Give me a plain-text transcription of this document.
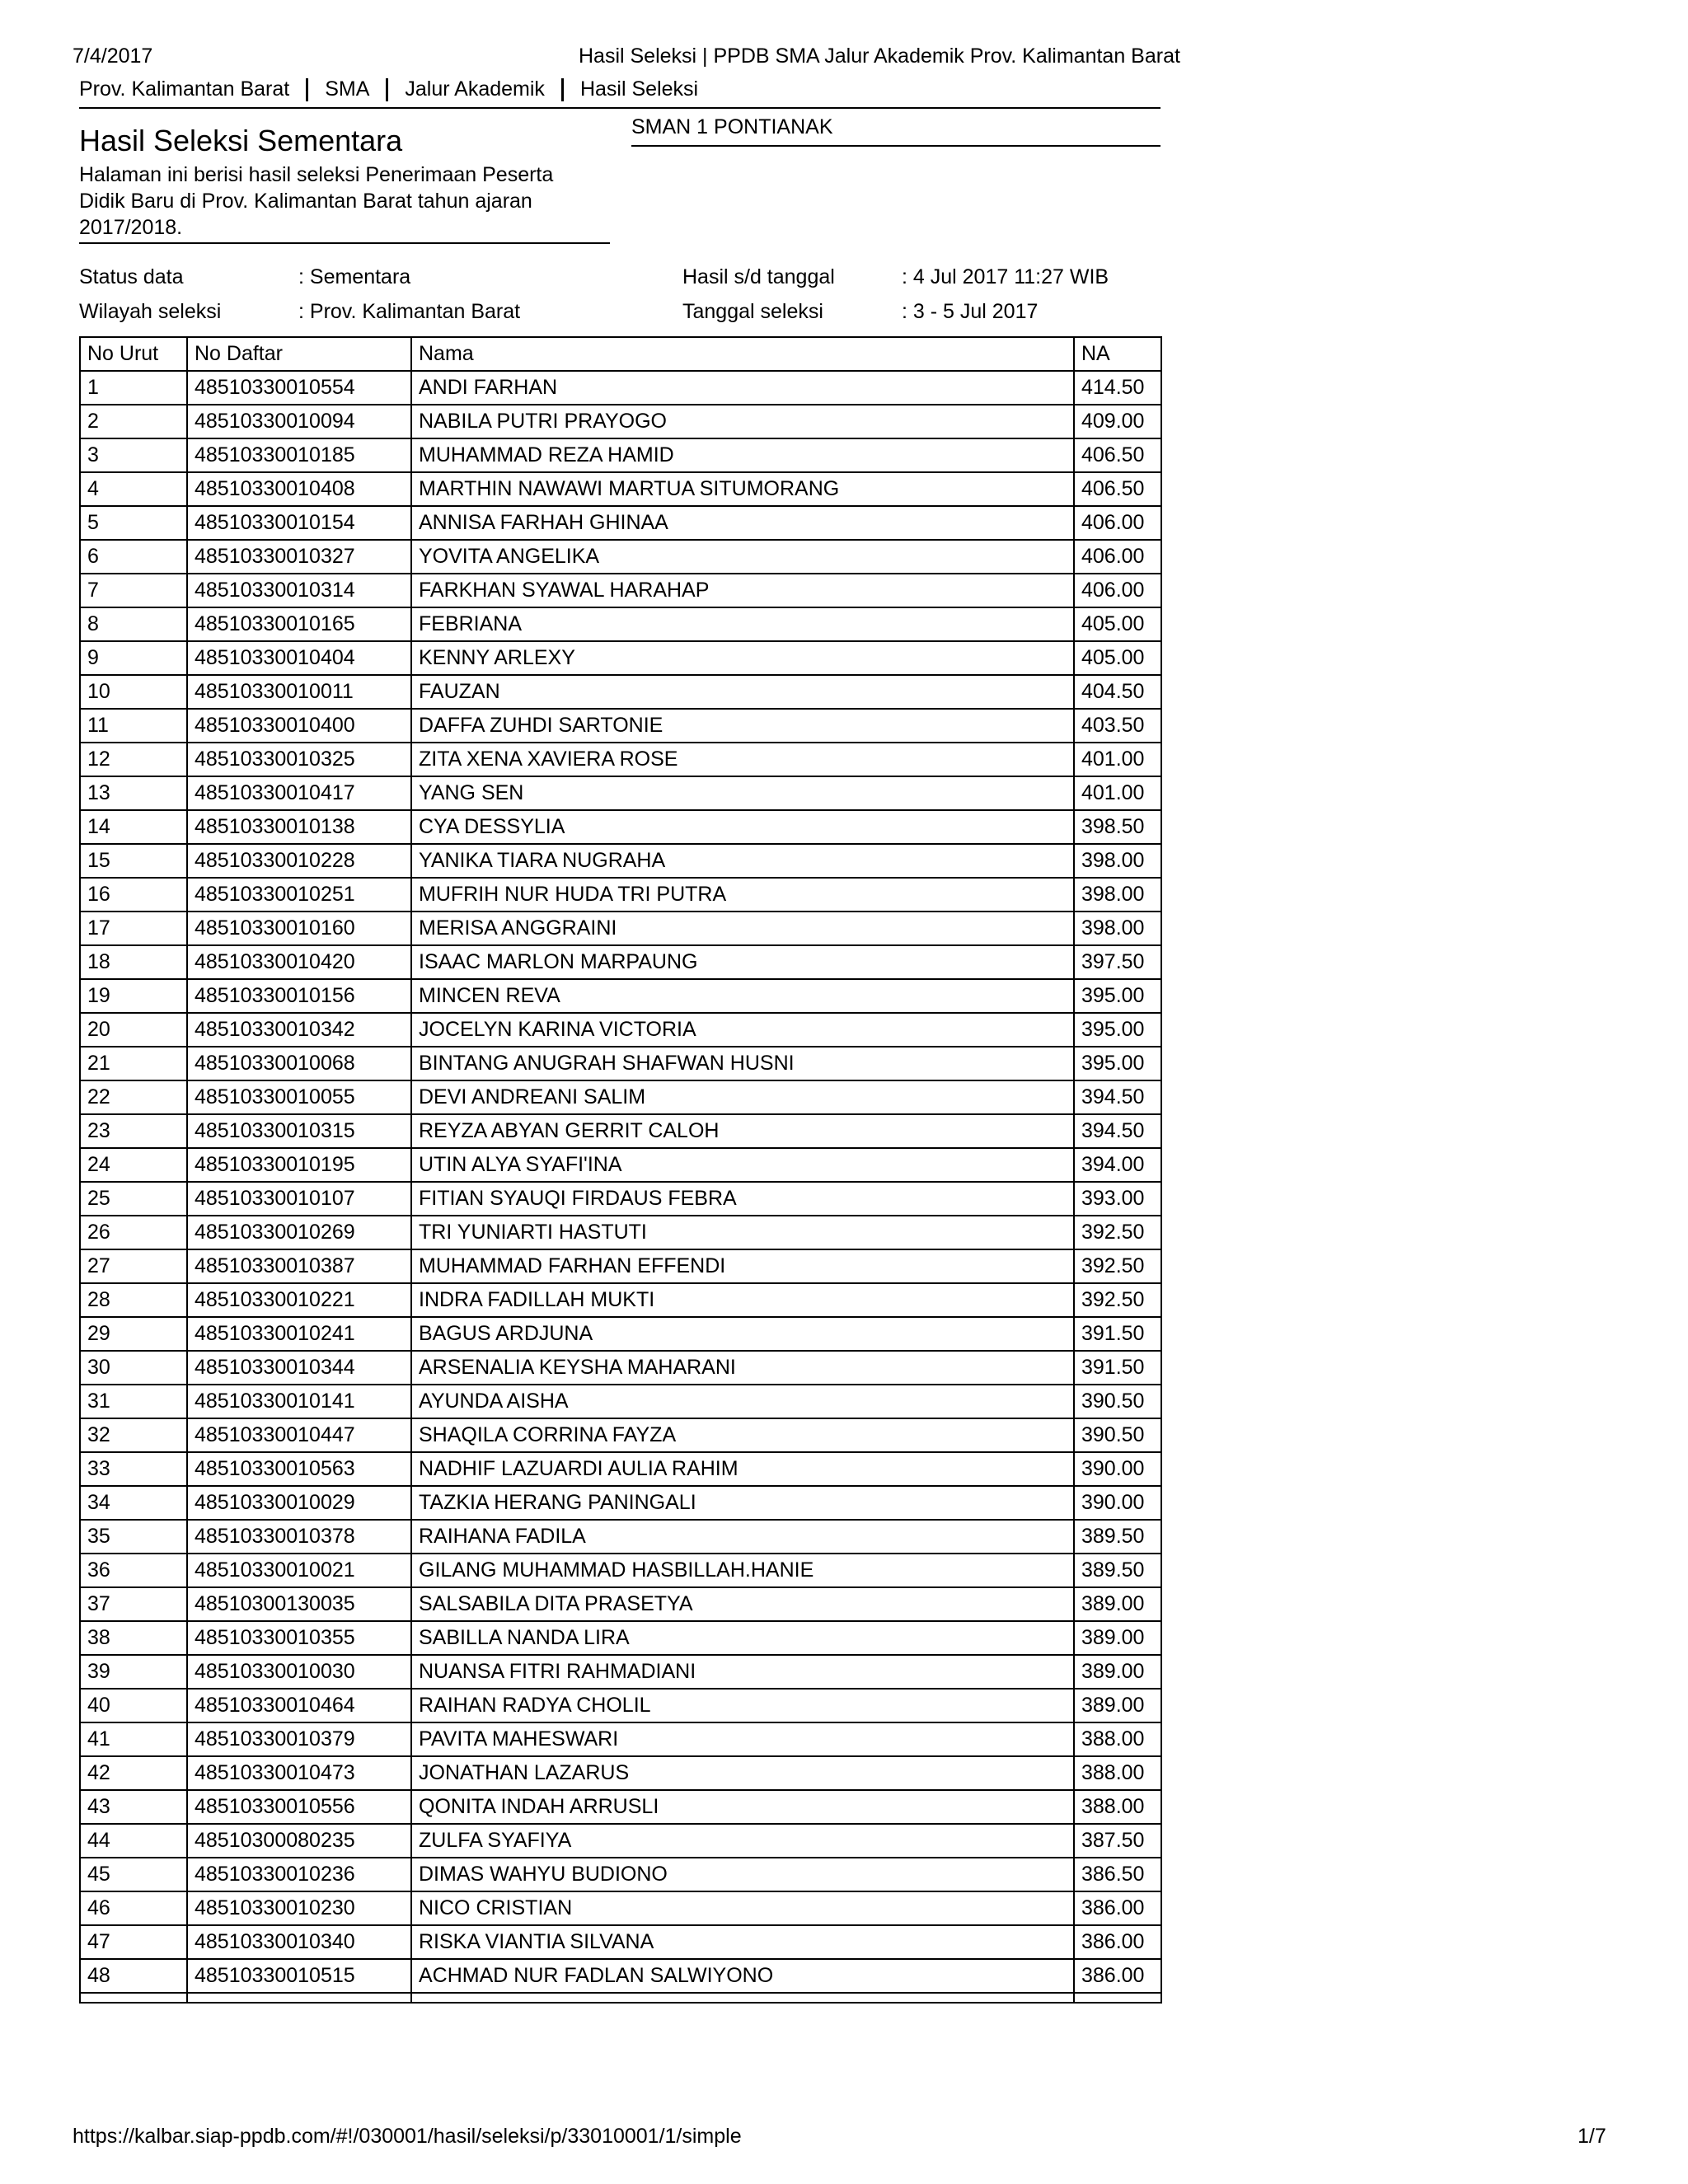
7/4/2017	Hasil Seleksi | PPDB SMA Jalur Akademik Prov. Kalimantan Barat
Prov. Kalimantan Barat SMA Jalur Akademik Hasil Seleksi
Hasil Seleksi Sementara
Halaman ini berisi hasil seleksi Penerimaan Peserta Didik Baru di Prov. Kalimantan Barat tahun ajaran 2017/2018.
SMAN 1 PONTIANAK
Status data	: Sementara
Wilayah seleksi	: Prov. Kalimantan Barat
Hasil s/d tanggal	: 4 Jul 2017 11:27 WIB
Tanggal seleksi	: 3 - 5 Jul 2017
No Urut	No Daftar	Nama	NA
1	48510330010554	ANDI FARHAN	414.50
2	48510330010094	NABILA PUTRI PRAYOGO	409.00
3	48510330010185	MUHAMMAD REZA HAMID	406.50
4	48510330010408	MARTHIN NAWAWI MARTUA SITUMORANG	406.50
5	48510330010154	ANNISA FARHAH GHINAA	406.00
6	48510330010327	YOVITA ANGELIKA	406.00
7	48510330010314	FARKHAN SYAWAL HARAHAP	406.00
8	48510330010165	FEBRIANA	405.00
9	48510330010404	KENNY ARLEXY	405.00
10	48510330010011	FAUZAN	404.50
11	48510330010400	DAFFA ZUHDI SARTONIE	403.50
12	48510330010325	ZITA XENA XAVIERA ROSE	401.00
13	48510330010417	YANG SEN	401.00
14	48510330010138	CYA DESSYLIA	398.50
15	48510330010228	YANIKA TIARA NUGRAHA	398.00
16	48510330010251	MUFRIH NUR HUDA TRI PUTRA	398.00
17	48510330010160	MERISA ANGGRAINI	398.00
18	48510330010420	ISAAC MARLON MARPAUNG	397.50
19	48510330010156	MINCEN REVA	395.00
20	48510330010342	JOCELYN KARINA VICTORIA	395.00
21	48510330010068	BINTANG ANUGRAH SHAFWAN HUSNI	395.00
22	48510330010055	DEVI ANDREANI SALIM	394.50
23	48510330010315	REYZA ABYAN GERRIT CALOH	394.50
24	48510330010195	UTIN ALYA SYAFI'INA	394.00
25	48510330010107	FITIAN SYAUQI FIRDAUS FEBRA	393.00
26	48510330010269	TRI YUNIARTI HASTUTI	392.50
27	48510330010387	MUHAMMAD FARHAN EFFENDI	392.50
28	48510330010221	INDRA FADILLAH MUKTI	392.50
29	48510330010241	BAGUS ARDJUNA	391.50
30	48510330010344	ARSENALIA KEYSHA MAHARANI	391.50
31	48510330010141	AYUNDA AISHA	390.50
32	48510330010447	SHAQILA CORRINA FAYZA	390.50
33	48510330010563	NADHIF LAZUARDI AULIA RAHIM	390.00
34	48510330010029	TAZKIA HERANG PANINGALI	390.00
35	48510330010378	RAIHANA FADILA	389.50
36	48510330010021	GILANG MUHAMMAD HASBILLAH.HANIE	389.50
37	48510300130035	SALSABILA DITA PRASETYA	389.00
38	48510330010355	SABILLA NANDA LIRA	389.00
39	48510330010030	NUANSA FITRI RAHMADIANI	389.00
40	48510330010464	RAIHAN RADYA CHOLIL	389.00
41	48510330010379	PAVITA MAHESWARI	388.00
42	48510330010473	JONATHAN LAZARUS	388.00
43	48510330010556	QONITA INDAH ARRUSLI	388.00
44	48510300080235	ZULFA SYAFIYA	387.50
45	48510330010236	DIMAS WAHYU BUDIONO	386.50
46	48510330010230	NICO CRISTIAN	386.00
47	48510330010340	RISKA VIANTIA SILVANA	386.00
48	48510330010515	ACHMAD NUR FADLAN SALWIYONO	386.00

https://kalbar.siap-ppdb.com/#!/030001/hasil/seleksi/p/33010001/1/simple	1/7
